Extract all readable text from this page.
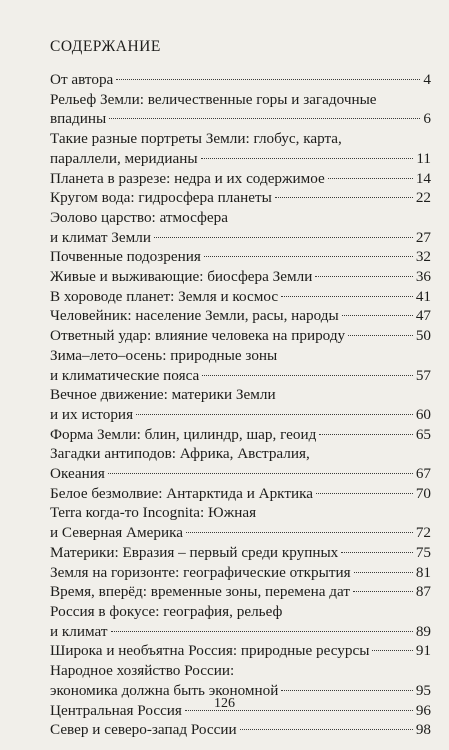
СОДЕРЖАНИЕ
От автора	4
Рельеф Земли: величественные горы и загадочные
впадины	6
Такие разные портреты Земли: глобус, карта,
параллели, меридианы	11
Планета в разрезе: недра и их содержимое	14
Кругом вода: гидросфера планеты	22
Эолово царство: атмосфера
и климат Земли	27
Почвенные подозрения	32
Живые и выживающие: биосфера Земли	36
В хороводе планет: Земля и космос	41
Человейник: население Земли, расы, народы	47
Ответный удар: влияние человека на природу	50
Зима–лето–осень: природные зоны
и климатические пояса	57
Вечное движение: материки Земли
и их история	60
Форма Земли: блин, цилиндр, шар, геоид	65
Загадки антиподов: Африка, Австралия,
Океания	67
Белое безмолвие: Антарктида и Арктика	70
Terra когда-то Incognita: Южная
и Северная Америка	72
Материки: Евразия – первый среди крупных	75
Земля на горизонте: географические открытия	81
Время, вперёд: временные зоны, перемена дат	87
Россия в фокусе: география, рельеф
и климат	89
Широка и необъятна Россия: природные ресурсы	91
Народное хозяйство России:
экономика должна быть экономной	95
Центральная Россия	96
Север и северо-запад России	98
126
